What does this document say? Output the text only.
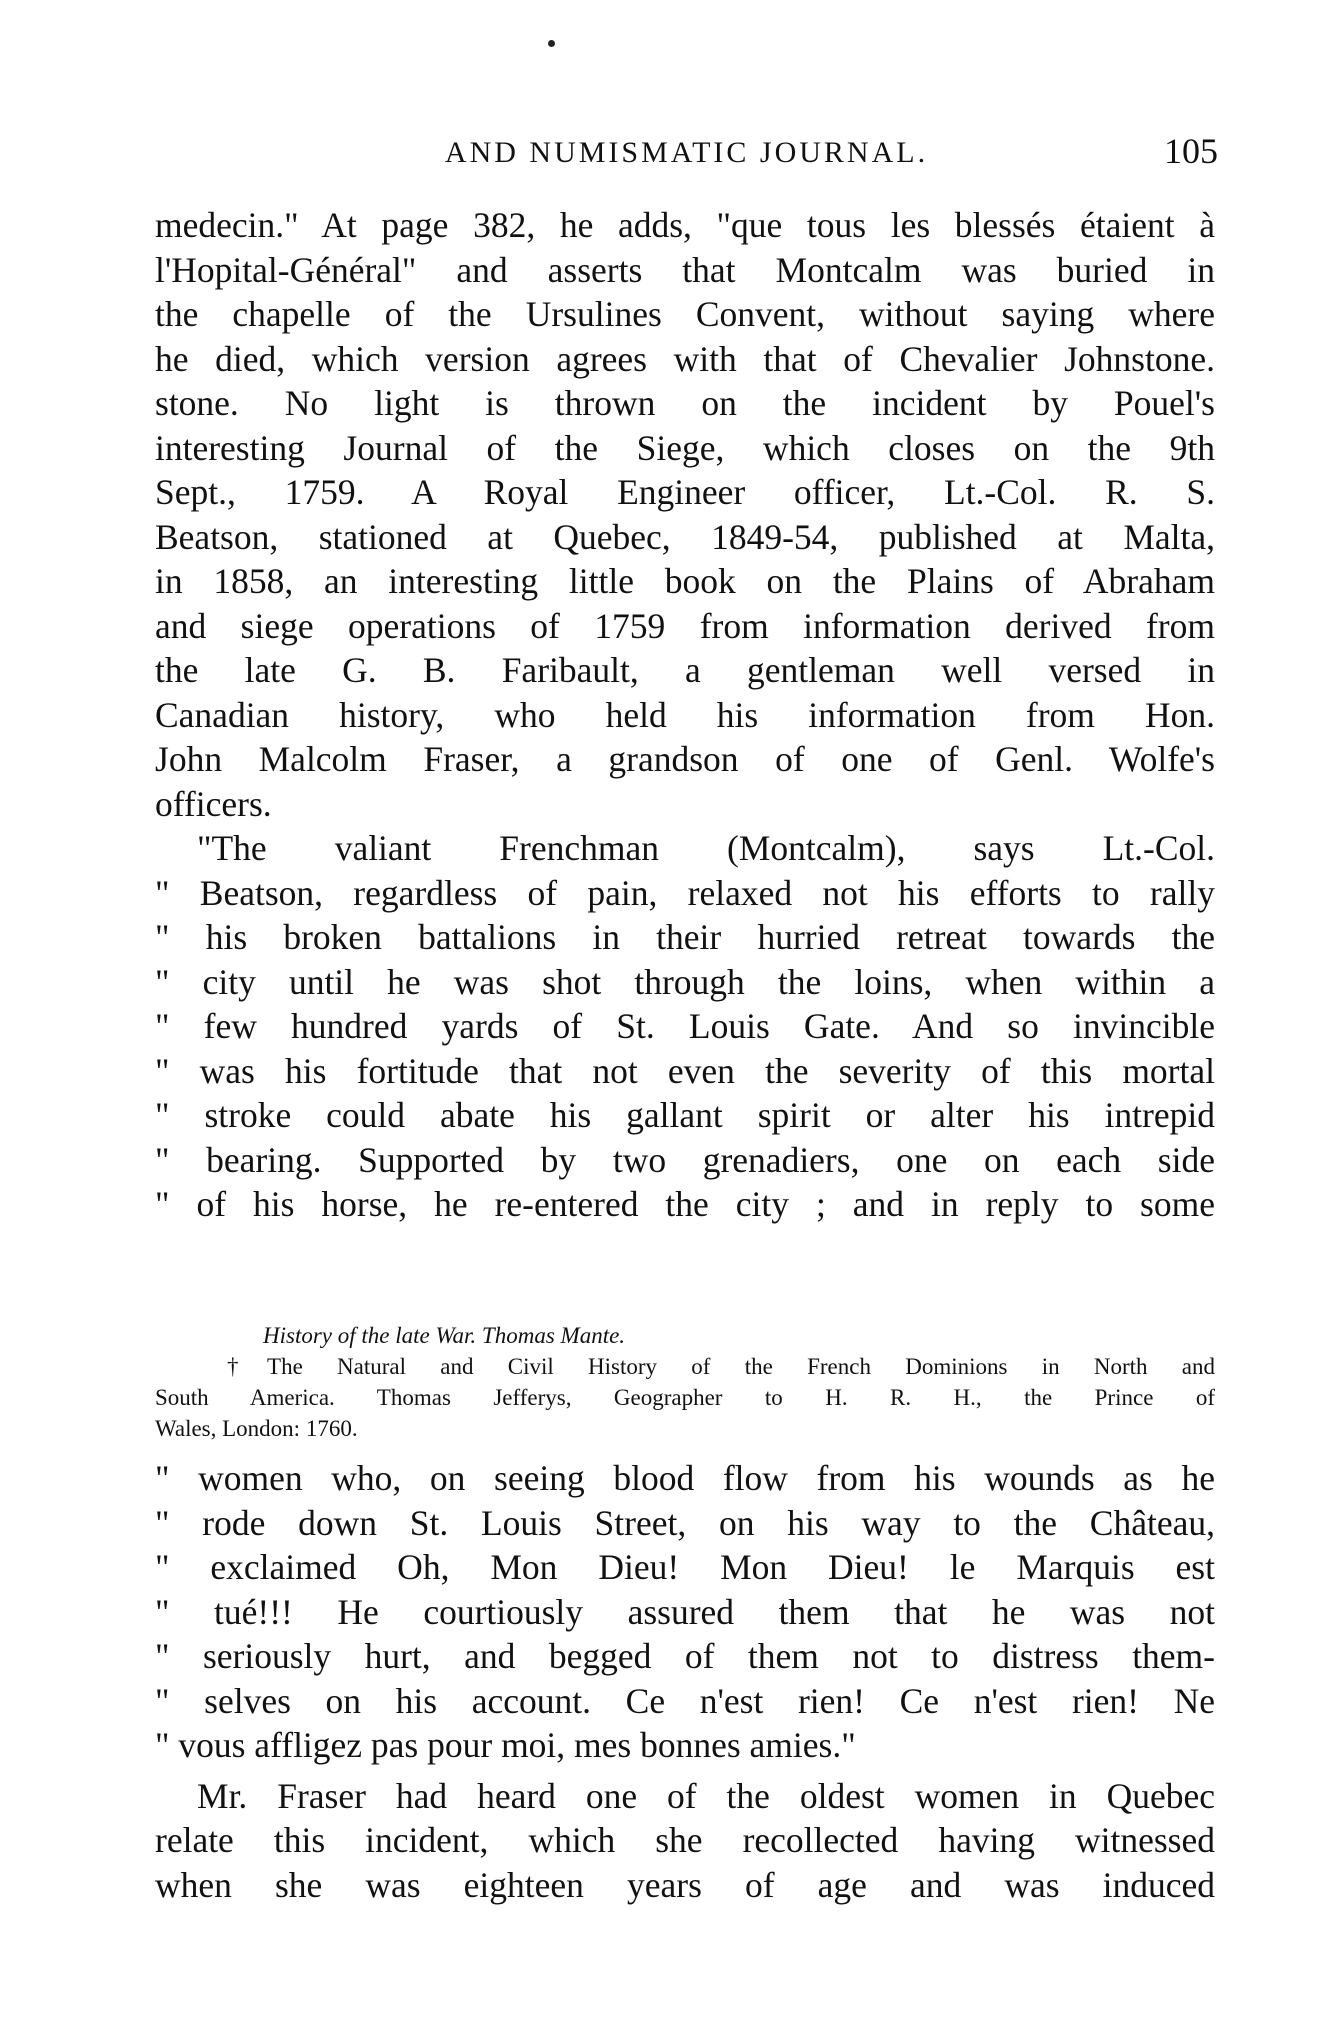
AND NUMISMATIC JOURNAL.	105
medecin." At page 382, he adds, "que tous les blessés étaient à
l'Hopital-Général" and asserts that Montcalm was buried in
the chapelle of the Ursulines Convent, without saying where
he died, which version agrees with that of Chevalier Johnstone.
stone. No light is thrown on the incident by Pouel's
interesting Journal of the Siege, which closes on the 9th
Sept., 1759. A Royal Engineer officer, Lt.-Col. R. S.
Beatson, stationed at Quebec, 1849-54, published at Malta,
in 1858, an interesting little book on the Plains of Abraham
and siege operations of 1759 from information derived from
the late G. B. Faribault, a gentleman well versed in
Canadian history, who held his information from Hon.
John Malcolm Fraser, a grandson of one of Genl. Wolfe's
officers.
"The valiant Frenchman (Montcalm), says Lt.-Col.
" Beatson, regardless of pain, relaxed not his efforts to rally
" his broken battalions in their hurried retreat towards the
" city until he was shot through the loins, when within a
" few hundred yards of St. Louis Gate. And so invincible
" was his fortitude that not even the severity of this mortal
" stroke could abate his gallant spirit or alter his intrepid
" bearing. Supported by two grenadiers, one on each side
" of his horse, he re-entered the city ; and in reply to some
History of the late War. Thomas Mante.
†The Natural and Civil History of the French Dominions in North and
South America. Thomas Jefferys, Geographer to H. R. H., the Prince of
Wales, London: 1760.
" women who, on seeing blood flow from his wounds as he
" rode down St. Louis Street, on his way to the Château,
" exclaimed Oh, Mon Dieu! Mon Dieu! le Marquis est
" tué!!! He courtiously assured them that he was not
" seriously hurt, and begged of them not to distress them-
" selves on his account. Ce n'est rien! Ce n'est rien! Ne
" vous affligez pas pour moi, mes bonnes amies."
Mr. Fraser had heard one of the oldest women in Quebec
relate this incident, which she recollected having witnessed
when she was eighteen years of age and was induced
